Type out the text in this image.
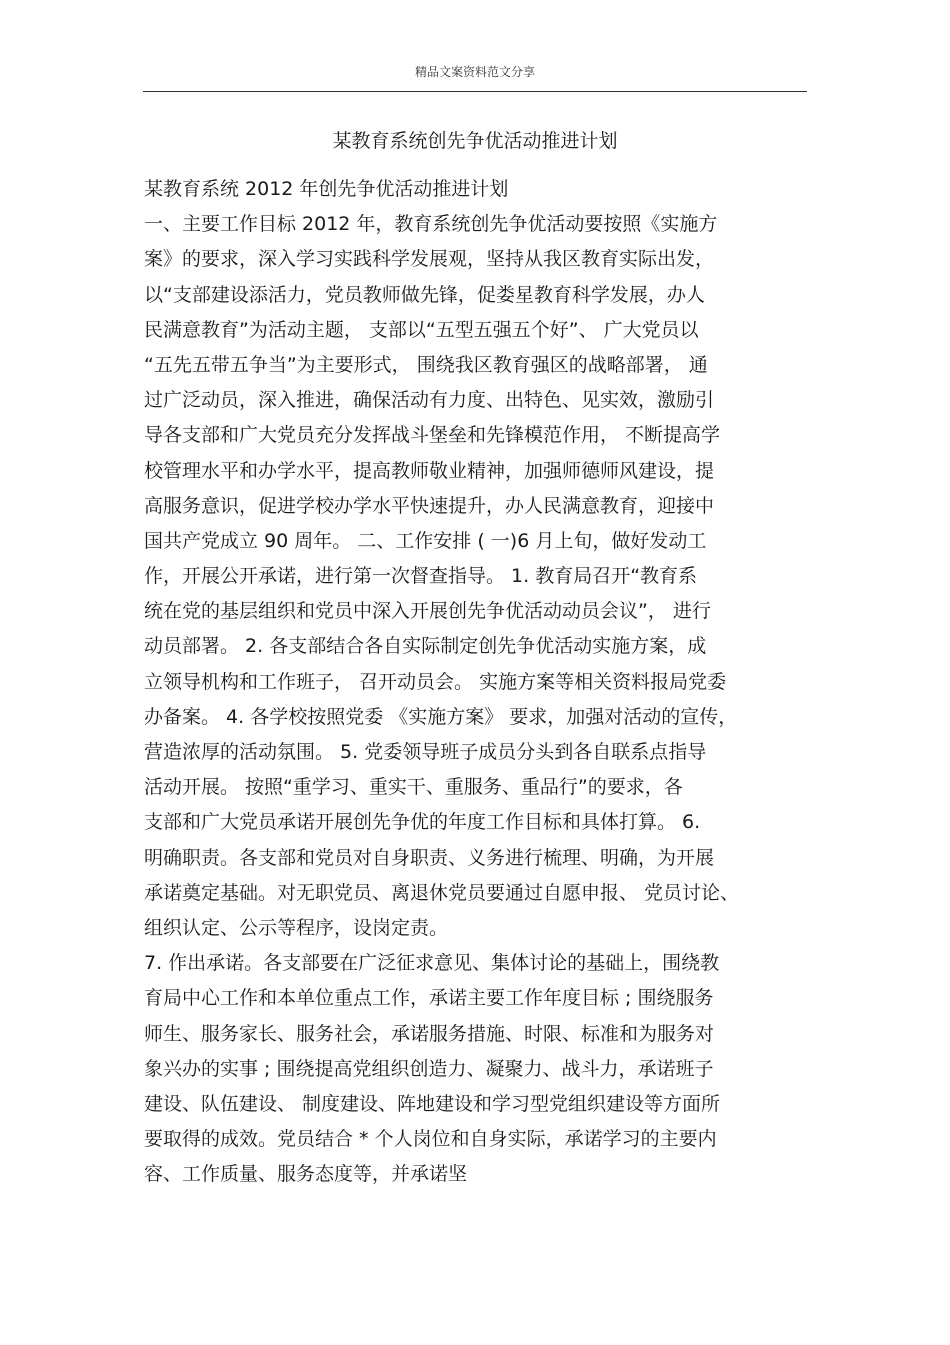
精品文案资料范文分享
某教育系统创先争优活动推进计划
某教育系统 2012 年创先争优活动推进计划
一、主要工作目标 2012 年，教育系统创先争优活动要按照《实施方
案》的要求，深入学习实践科学发展观，坚持从我区教育实际出发，
以“支部建设添活力，党员教师做先锋，促娄星教育科学发展，办人
民满意教育”为活动主题， 支部以“五型五强五个好”、 广大党员以
“五先五带五争当”为主要形式， 围绕我区教育强区的战略部署， 通
过广泛动员，深入推进，确保活动有力度、出特色、见实效，激励引
导各支部和广大党员充分发挥战斗堡垒和先锋模范作用， 不断提高学
校管理水平和办学水平，提高教师敬业精神，加强师德师风建设，提
高服务意识，促进学校办学水平快速提升，办人民满意教育，迎接中
国共产党成立 90 周年。 二、工作安排 ( 一)6 月上旬，做好发动工
作，开展公开承诺，进行第一次督查指导。 1. 教育局召开“教育系
统在党的基层组织和党员中深入开展创先争优活动动员会议”， 进行
动员部署。 2. 各支部结合各自实际制定创先争优活动实施方案，成
立领导机构和工作班子， 召开动员会。 实施方案等相关资料报局党委
办备案。 4. 各学校按照党委 《实施方案》 要求，加强对活动的宣传，
营造浓厚的活动氛围。 5. 党委领导班子成员分头到各自联系点指导
活动开展。 按照“重学习、重实干、重服务、重品行”的要求，各
支部和广大党员承诺开展创先争优的年度工作目标和具体打算。 6.
明确职责。各支部和党员对自身职责、义务进行梳理、明确，为开展
承诺奠定基础。对无职党员、离退休党员要通过自愿申报、 党员讨论、
组织认定、公示等程序，设岗定责。
7. 作出承诺。各支部要在广泛征求意见、集体讨论的基础上，围绕教
育局中心工作和本单位重点工作，承诺主要工作年度目标 ; 围绕服务
师生、服务家长、服务社会，承诺服务措施、时限、标准和为服务对
象兴办的实事 ; 围绕提高党组织创造力、凝聚力、战斗力，承诺班子
建设、队伍建设、 制度建设、阵地建设和学习型党组织建设等方面所
要取得的成效。党员结合 * 个人岗位和自身实际，承诺学习的主要内
容、工作质量、服务态度等，并承诺坚
